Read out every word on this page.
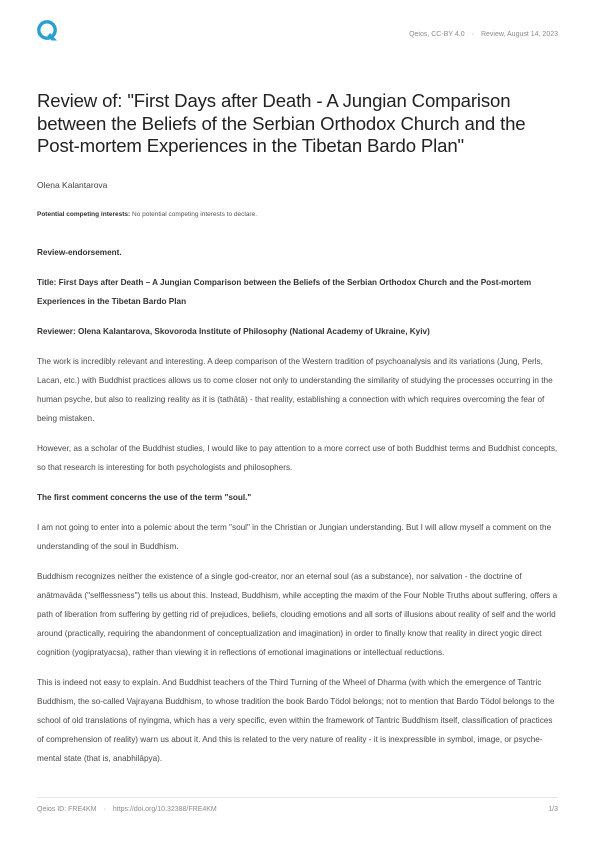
Qeios, CC-BY 4.0 · Review, August 14, 2023
Review of: "First Days after Death - A Jungian Comparison between the Beliefs of the Serbian Orthodox Church and the Post-mortem Experiences in the Tibetan Bardo Plan"
Olena Kalantarova
Potential competing interests: No potential competing interests to declare.

Review-endorsement.

Title: First Days after Death – A Jungian Comparison between the Beliefs of the Serbian Orthodox Church and the Post-mortem Experiences in the Tibetan Bardo Plan

Reviewer: Olena Kalantarova, Skovoroda Institute of Philosophy (National Academy of Ukraine, Kyiv)

The work is incredibly relevant and interesting. A deep comparison of the Western tradition of psychoanalysis and its variations (Jung, Perls, Lacan, etc.) with Buddhist practices allows us to come closer not only to understanding the similarity of studying the processes occurring in the human psyche, but also to realizing reality as it is (tathātā) - that reality, establishing a connection with which requires overcoming the fear of being mistaken.

However, as a scholar of the Buddhist studies, I would like to pay attention to a more correct use of both Buddhist terms and Buddhist concepts, so that research is interesting for both psychologists and philosophers.

The first comment concerns the use of the term "soul."

I am not going to enter into a polemic about the term "soul" in the Christian or Jungian understanding. But I will allow myself a comment on the understanding of the soul in Buddhism.

Buddhism recognizes neither the existence of a single god-creator, nor an eternal soul (as a substance), nor salvation - the doctrine of anātmavāda ("selflessness") tells us about this. Instead, Buddhism, while accepting the maxim of the Four Noble Truths about suffering, offers a path of liberation from suffering by getting rid of prejudices, beliefs, clouding emotions and all sorts of illusions about reality of self and the world around (practically, requiring the abandonment of conceptualization and imagination) in order to finally know that reality in direct yogic direct cognition (yogipratyacṣa), rather than viewing it in reflections of emotional imaginations or intellectual reductions.

This is indeed not easy to explain. And Buddhist teachers of the Third Turning of the Wheel of Dharma (with which the emergence of Tantric Buddhism, the so-called Vajrayana Buddhism, to whose tradition the book Bardo Tödol belongs; not to mention that Bardo Tödol belongs to the school of old translations of nyingma, which has a very specific, even within the framework of Tantric Buddhism itself, classification of practices of comprehension of reality) warn us about it. And this is related to the very nature of reality - it is inexpressible in symbol, image, or psyche-mental state (that is, anabhilāpya).

Qeios ID: FRE4KM · https://doi.org/10.32388/FRE4KM	1/3
